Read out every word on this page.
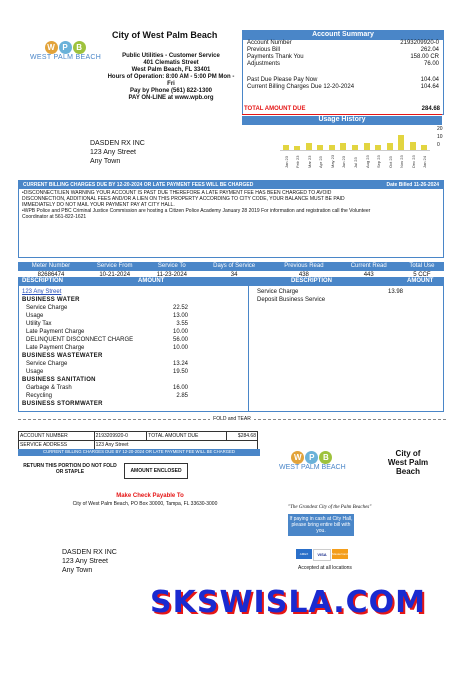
W P	B
WEST PALM BEACH
City of West Palm Beach
Public Utilities - Customer Service
401 Clematis Street
West Palm Beach, FL 33401
Hours of Operation: 8:00 AM - 5:00 PM Mon -Fri
Pay by Phone (561) 822-1300
PAY ON-LINE at www.wpb.org
Account Summary
Account Number	2193209920-0
Previous Bill	262.04
Payments Thank You	158.00 CR
Adjustments	76.00
Past Due Please Pay Now	104.04
Current Billing Charges Due 12-20-2024	104.64
TOTAL AMOUNT DUE	284.68
Usage History
20
10
0
Jan 23 Feb 23 Mar 23 Apr 23 May 23 Jun 23 Jul 23 Aug 23 Sep 23 Oct 23 Nov 23 Dec 23 Jan 24
DASDEN RX INC
123 Any Street
Any Town
CURRENT BILLING CHARGES DUE BY 12-20-2024 OR LATE PAYMENT FEES WILL BE CHARGED	Date Billed 11-26-2024
•DISCONNECT/LIEN WARNING YOUR ACCOUNT IS PAST DUE THEREFORE A LATE PAYMENT FEE HAS BEEN CHARGED TO AVOID
DISCONNECTION, ADDITIONAL FEES AND/OR A LIEN ON THIS PROPERTY ACCORDING TO CITY CODE, YOUR BALANCE MUST BE PAID
IMMEDIATELY DO NOT MAIL YOUR PAYMENT PAY AT CITY HALL.
•WPB Police and PBC Criminal Justice Commission are hosting a Citizen Police Academy January 28 2019 For information and registration call the Volunteer
Coordinator at 561-822-1621
Meter Number	Service From	Service To	Days of Service	Previous Read	Current Read	Total Use
82686474	10-21-2024	11-23-2024	34	438	443	5 CCF
DESCRIPTION	AMOUNT	DESCRIPTION	AMOUNT
123 Any Street
BUSINESS WATER	
Service Charge	22.52
Usage	13.00
Utility Tax	3.55
Late Payment Charge	10.00
DELINQUENT DISCONNECT CHARGE	56.00
Late Payment Charge	10.00
BUSINESS WASTEWATER	
Service Charge	13.24
Usage	19.50
BUSINESS SANITATION	
Garbage & Trash	16.00
Recycling	2.85
BUSINESS STORMWATER	
Service Charge	13.98
Deposit Business Service	
FOLD and TEAR
ACCOUNT NUMBER	2193209920-0	TOTAL AMOUNT DUE	$284.68
SERVICE ADDRESS	123 Any Street		
CURRENT BILLING CHARGES DUE BY 12-20-2024 OR LATE PAYMENT FEE WILL BE CHARGED
RETURN THIS PORTION DO NOT FOLD OR STAPLE	AMOUNT ENCLOSED
W P	B
WEST PALM BEACH
City of
West Palm
Beach
Make Check Payable To
City of West Palm Beach, PO Box 30000, Tampa, FL 33630-3000
"The Grandest City of the Palm Beaches"
If paying in cash at City Hall, please bring entire bill with you.
AMEX	VISA	MasterCard
Accepted at all locations
DASDEN RX INC
123 Any Street
Any Town
SKSWISLA.COM
